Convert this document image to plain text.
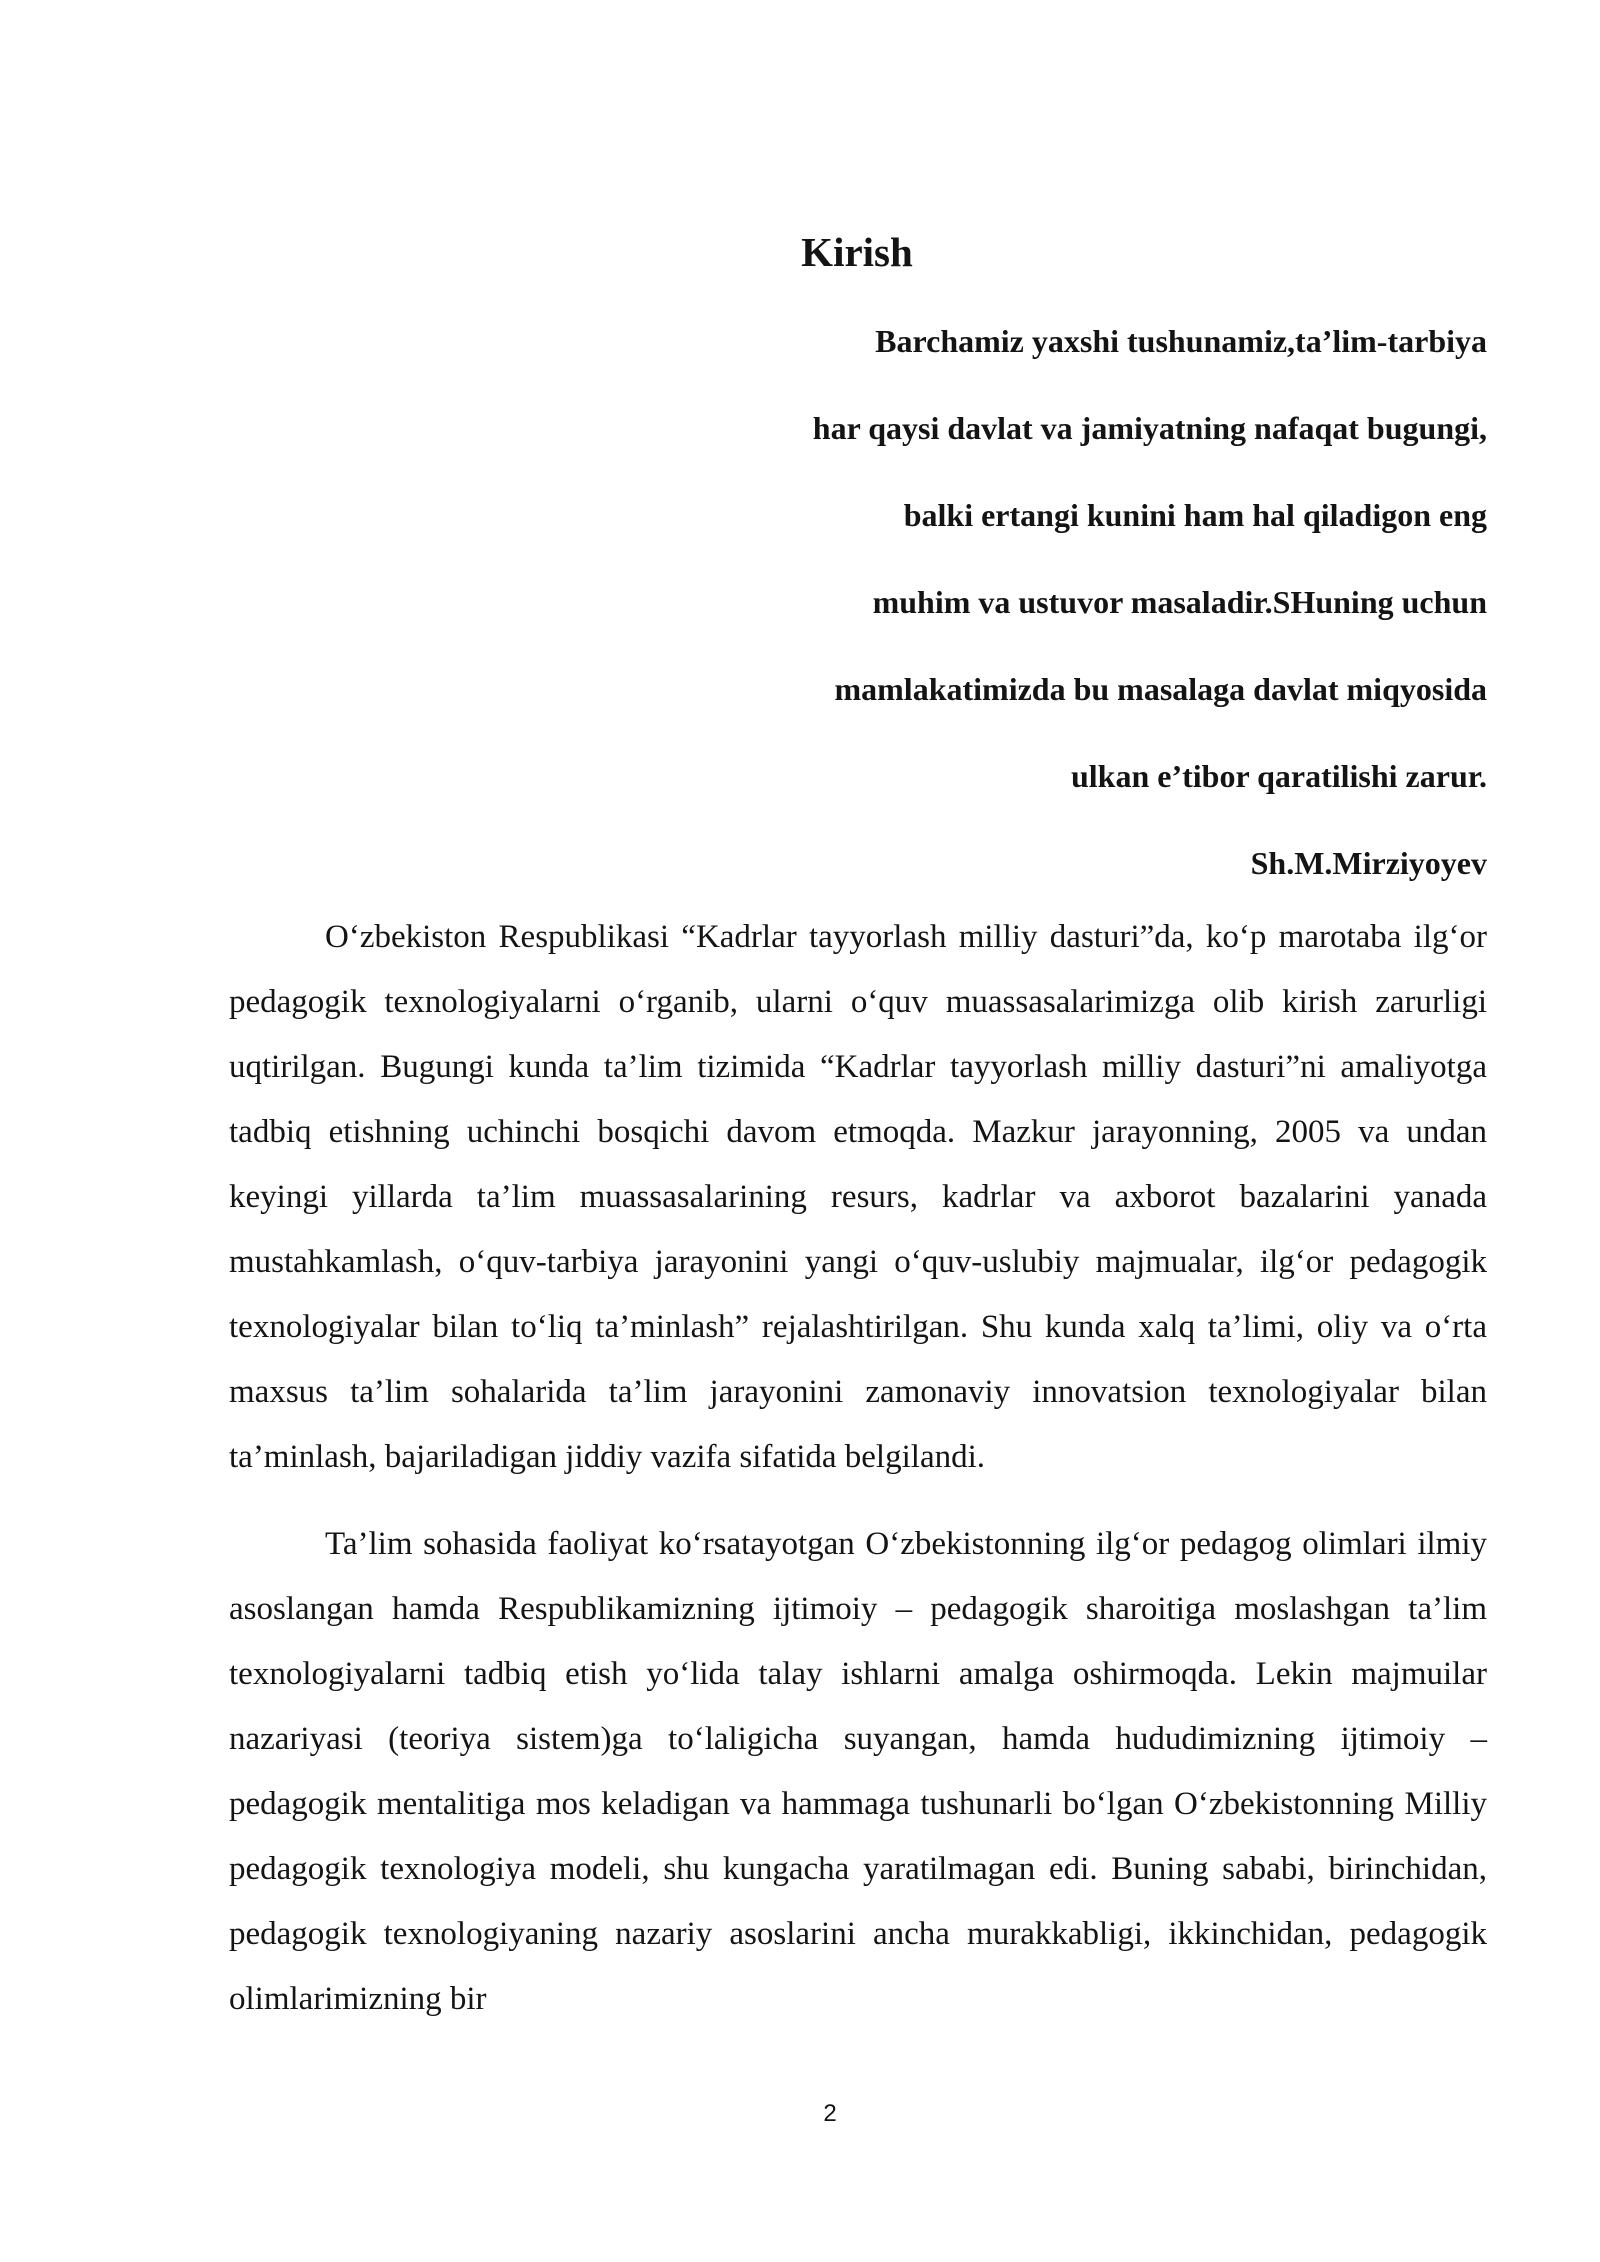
Kirish
Barchamiz yaxshi tushunamiz,ta’lim-tarbiya
har qaysi davlat va jamiyatning nafaqat bugungi,
balki ertangi kunini ham hal qiladigon eng
muhim va ustuvor masaladir.SHuning uchun
mamlakatimizda bu masalaga davlat miqyosida
ulkan e’tibor qaratilishi zarur.
Sh.M.Mirziyoyev

O‘zbekiston Respublikasi “Kadrlar tayyorlash milliy dasturi”da, ko‘p marotaba ilg‘or pedagogik texnologiyalarni o‘rganib, ularni o‘quv muassasalarimizga olib kirish zarurligi uqtirilgan. Bugungi kunda ta’lim tizimida “Kadrlar tayyorlash milliy dasturi”ni amaliyotga tadbiq etishning uchinchi bosqichi davom etmoqda. Mazkur jarayonning, 2005 va undan keyingi yillarda ta’lim muassasalarining resurs, kadrlar va axborot bazalarini yanada mustahkamlash, o‘quv-tarbiya jarayonini yangi o‘quv-uslubiy majmualar, ilg‘or pedagogik texnologiyalar bilan to‘liq ta’minlash” rejalashtirilgan. Shu kunda xalq ta’limi, oliy va o‘rta maxsus ta’lim sohalarida ta’lim jarayonini zamonaviy innovatsion texnologiyalar bilan ta’minlash, bajariladigan jiddiy vazifa sifatida belgilandi.

Ta’lim sohasida faoliyat ko‘rsatayotgan O‘zbekistonning ilg‘or pedagog olimlari ilmiy asoslangan hamda Respublikamizning ijtimoiy – pedagogik sharoitiga moslashgan ta’lim texnologiyalarni tadbiq etish yo‘lida talay ishlarni amalga oshirmoqda. Lekin majmuilar nazariyasi (teoriya sistem)ga to‘laligicha suyangan, hamda hududimizning ijtimoiy – pedagogik mentalitiga mos keladigan va hammaga tushunarli bo‘lgan O‘zbekistonning Milliy pedagogik texnologiya modeli, shu kungacha yaratilmagan edi. Buning sababi, birinchidan, pedagogik texnologiyaning nazariy asoslarini ancha murakkabligi, ikkinchidan, pedagogik olimlarimizning bir

2
